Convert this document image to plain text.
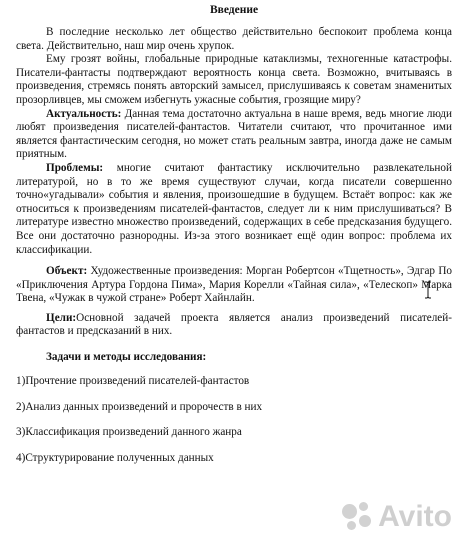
Введение

В последние несколько лет общество действительно беспокоит проблема конца света. Действительно, наш мир очень хрупок.

Ему грозят войны, глобальные природные катаклизмы, техногенные катастрофы. Писатели-фантасты подтверждают вероятность конца света. Возможно, вчитываясь в произведения, стремясь понять авторский замысел, прислушиваясь к советам знаменитых прозорливцев, мы сможем избегнуть ужасные события, грозящие миру?

Актуальность: Данная тема достаточно актуальна в наше время, ведь многие люди любят произведения писателей-фантастов. Читатели считают, что прочитанное ими является фантастическим сегодня, но может стать реальным завтра, иногда даже не самым приятным.

Проблемы: многие считают фантастику исключительно развлекательной литературой, но в то же время существуют случаи, когда писатели совершенно точно«угадывали» события и явления, произошедшие в будущем. Встаёт вопрос: как же относиться к произведениям писателей-фантастов, следует ли к ним прислушиваться? В литературе известно множество произведений, содержащих в себе предсказания будущего. Все они достаточно разнородны. Из-за этого возникает ещё один вопрос: проблема их классификации.

Объект: Художественные произведения: Морган Робертсон «Тщетность», Эдгар По «Приключения Артура Гордона Пима», Мария Корелли «Тайная сила», «Телескоп» Марка Твена, «Чужак в чужой стране» Роберт Хайнлайн.

Цели:Основной задачей проекта является анализ произведений писателей-фантастов и предсказаний в них.

Задачи и методы исследования:
1)Прочтение произведений писателей-фантастов
2)Анализ данных произведений и пророчеств в них
3)Классификация произведений данного жанра
4)Структурирование полученных данных
Avito
